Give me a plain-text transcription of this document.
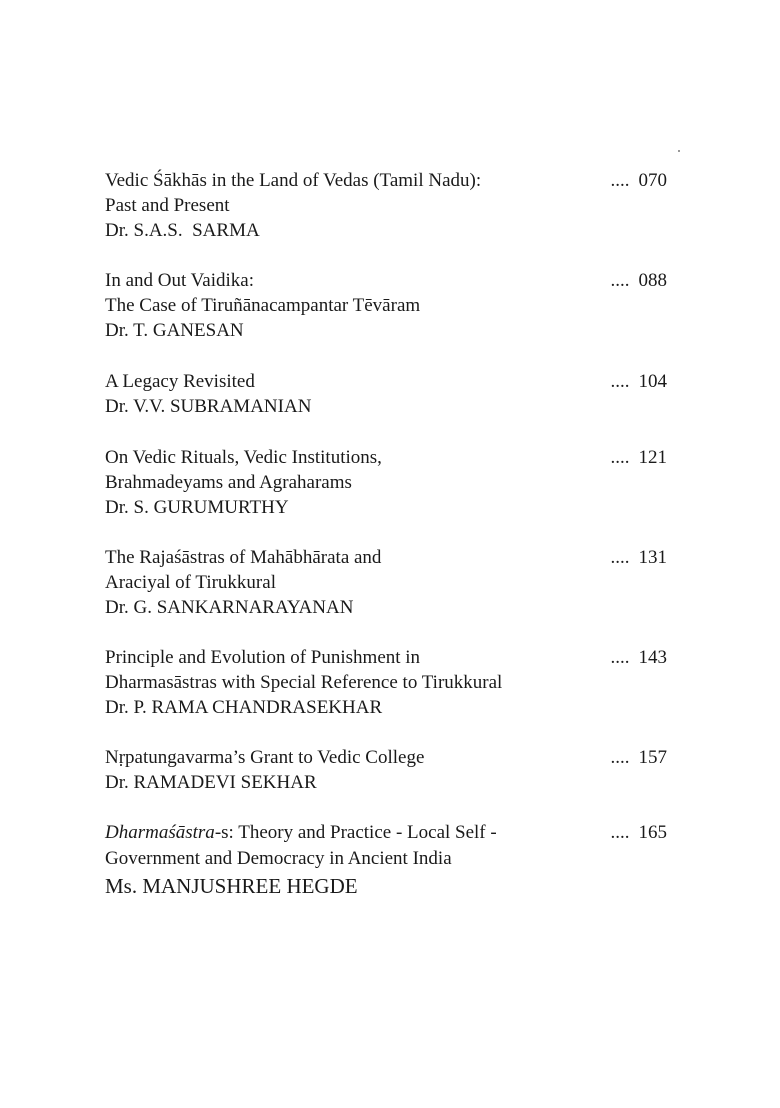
Vedic Śākhās in the Land of Vedas (Tamil Nadu):
Past and Present
Dr. S.A.S.  SARMA
.... 070
In and Out Vaidika:
The Case of Tiruñānacampantar Tēvāram
Dr. T. GANESAN
.... 088
A Legacy Revisited
Dr. V.V. SUBRAMANIAN
.... 104
On Vedic Rituals, Vedic Institutions,
Brahmadeyams and Agraharams
Dr. S. GURUMURTHY
.... 121
The Rajaśāstras of Mahābhārata and
Araciyal of Tirukkural
Dr. G. SANKARNARAYANAN
.... 131
Principle and Evolution of Punishment in
Dharmasāstras with Special Reference to Tirukkural
Dr. P. RAMA CHANDRASEKHAR
.... 143
Nṛpatungavarma’s Grant to Vedic College
Dr. RAMADEVI SEKHAR
.... 157
Dharmaśāstra-s: Theory and Practice - Local Self -
Government and Democracy in Ancient India
Ms. MANJUSHREE HEGDE
.... 165
